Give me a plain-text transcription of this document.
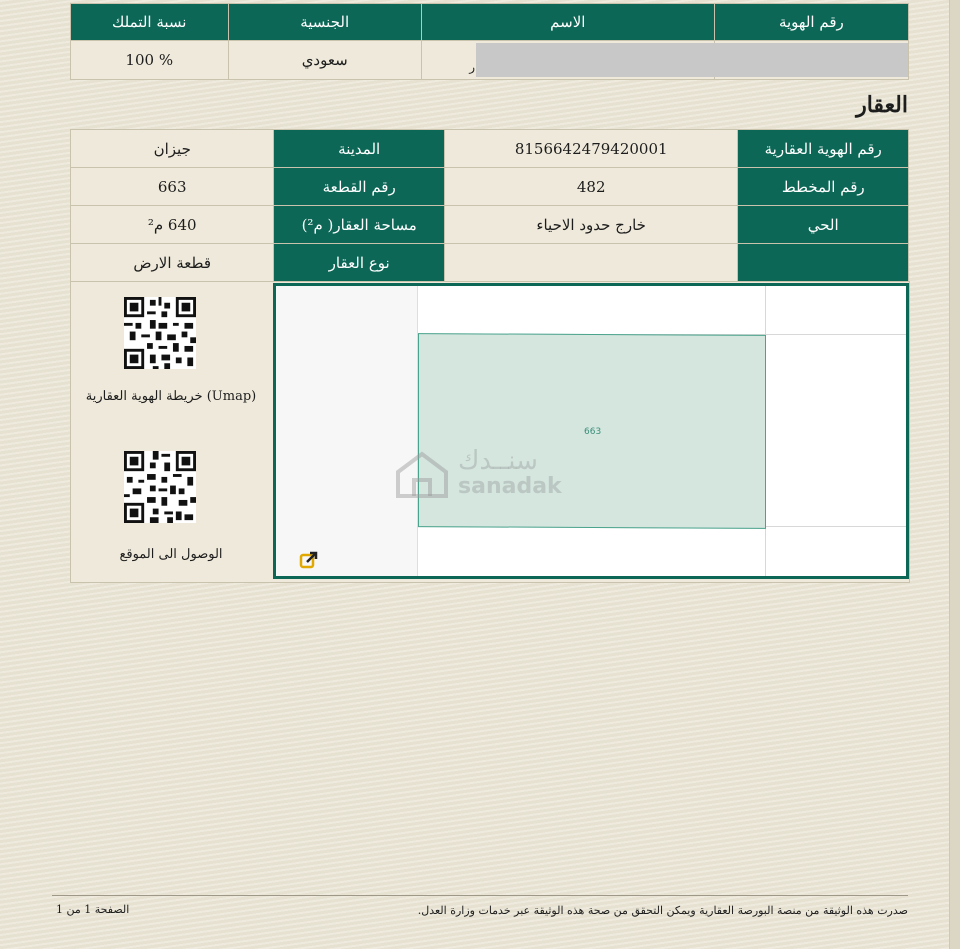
رقم الهوية	الاسم	الجنسية	نسبة التملك
		سعودي	100 %	ر
العقار
رقم الهوية العقارية	8156642479420001	المدينة	جيزان
رقم المخطط	482	رقم القطعة	663
الحي	خارج حدود الاحياء	مساحة العقار( م²)	640 م²
		نوع العقار	قطعة الارض
(Umap) خريطة الهوية العقارية
الوصول الى الموقع
663
سنــدك
sanadak
صدرت هذه الوثيقة من منصة البورصة العقارية ويمكن التحقق من صحة هذه الوثيقة عبر خدمات وزارة العدل.
الصفحة 1 من 1
